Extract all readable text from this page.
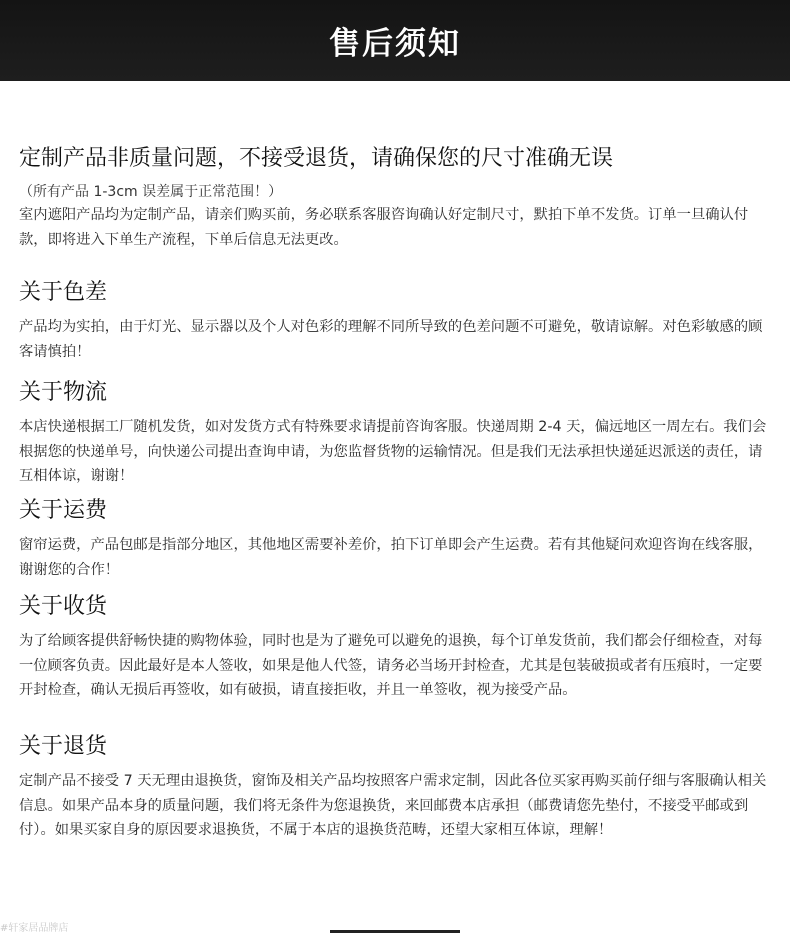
售后须知
定制产品非质量问题，不接受退货，请确保您的尺寸准确无误

（所有产品 1-3cm 误差属于正常范围！）

室内遮阳产品均为定制产品，请亲们购买前，务必联系客服咨询确认好定制尺寸，默拍下单不发货。订单一旦确认付款，即将进入下单生产流程，下单后信息无法更改。

关于色差

产品均为实拍，由于灯光、显示器以及个人对色彩的理解不同所导致的色差问题不可避免，敬请谅解。对色彩敏感的顾客请慎拍！

关于物流

本店快递根据工厂随机发货，如对发货方式有特殊要求请提前咨询客服。快递周期 2-4 天，偏远地区一周左右。我们会根据您的快递单号，向快递公司提出查询申请，为您监督货物的运输情况。但是我们无法承担快递延迟派送的责任，请互相体谅，谢谢！

关于运费

窗帘运费，产品包邮是指部分地区，其他地区需要补差价，拍下订单即会产生运费。若有其他疑问欢迎咨询在线客服，谢谢您的合作！

关于收货

为了给顾客提供舒畅快捷的购物体验，同时也是为了避免可以避免的退换，每个订单发货前，我们都会仔细检查，对每一位顾客负责。因此最好是本人签收，如果是他人代签，请务必当场开封检查，尤其是包装破损或者有压痕时，一定要开封检查，确认无损后再签收，如有破损，请直接拒收，并且一单签收，视为接受产品。

关于退货

定制产品不接受 7 天无理由退换货，窗饰及相关产品均按照客户需求定制，因此各位买家再购买前仔细与客服确认相关信息。如果产品本身的质量问题，我们将无条件为您退换货，来回邮费本店承担（邮费请您先垫付，不接受平邮或到付）。如果买家自身的原因要求退换货，不属于本店的退换货范畴，还望大家相互体谅，理解！

#轩家居品牌店
